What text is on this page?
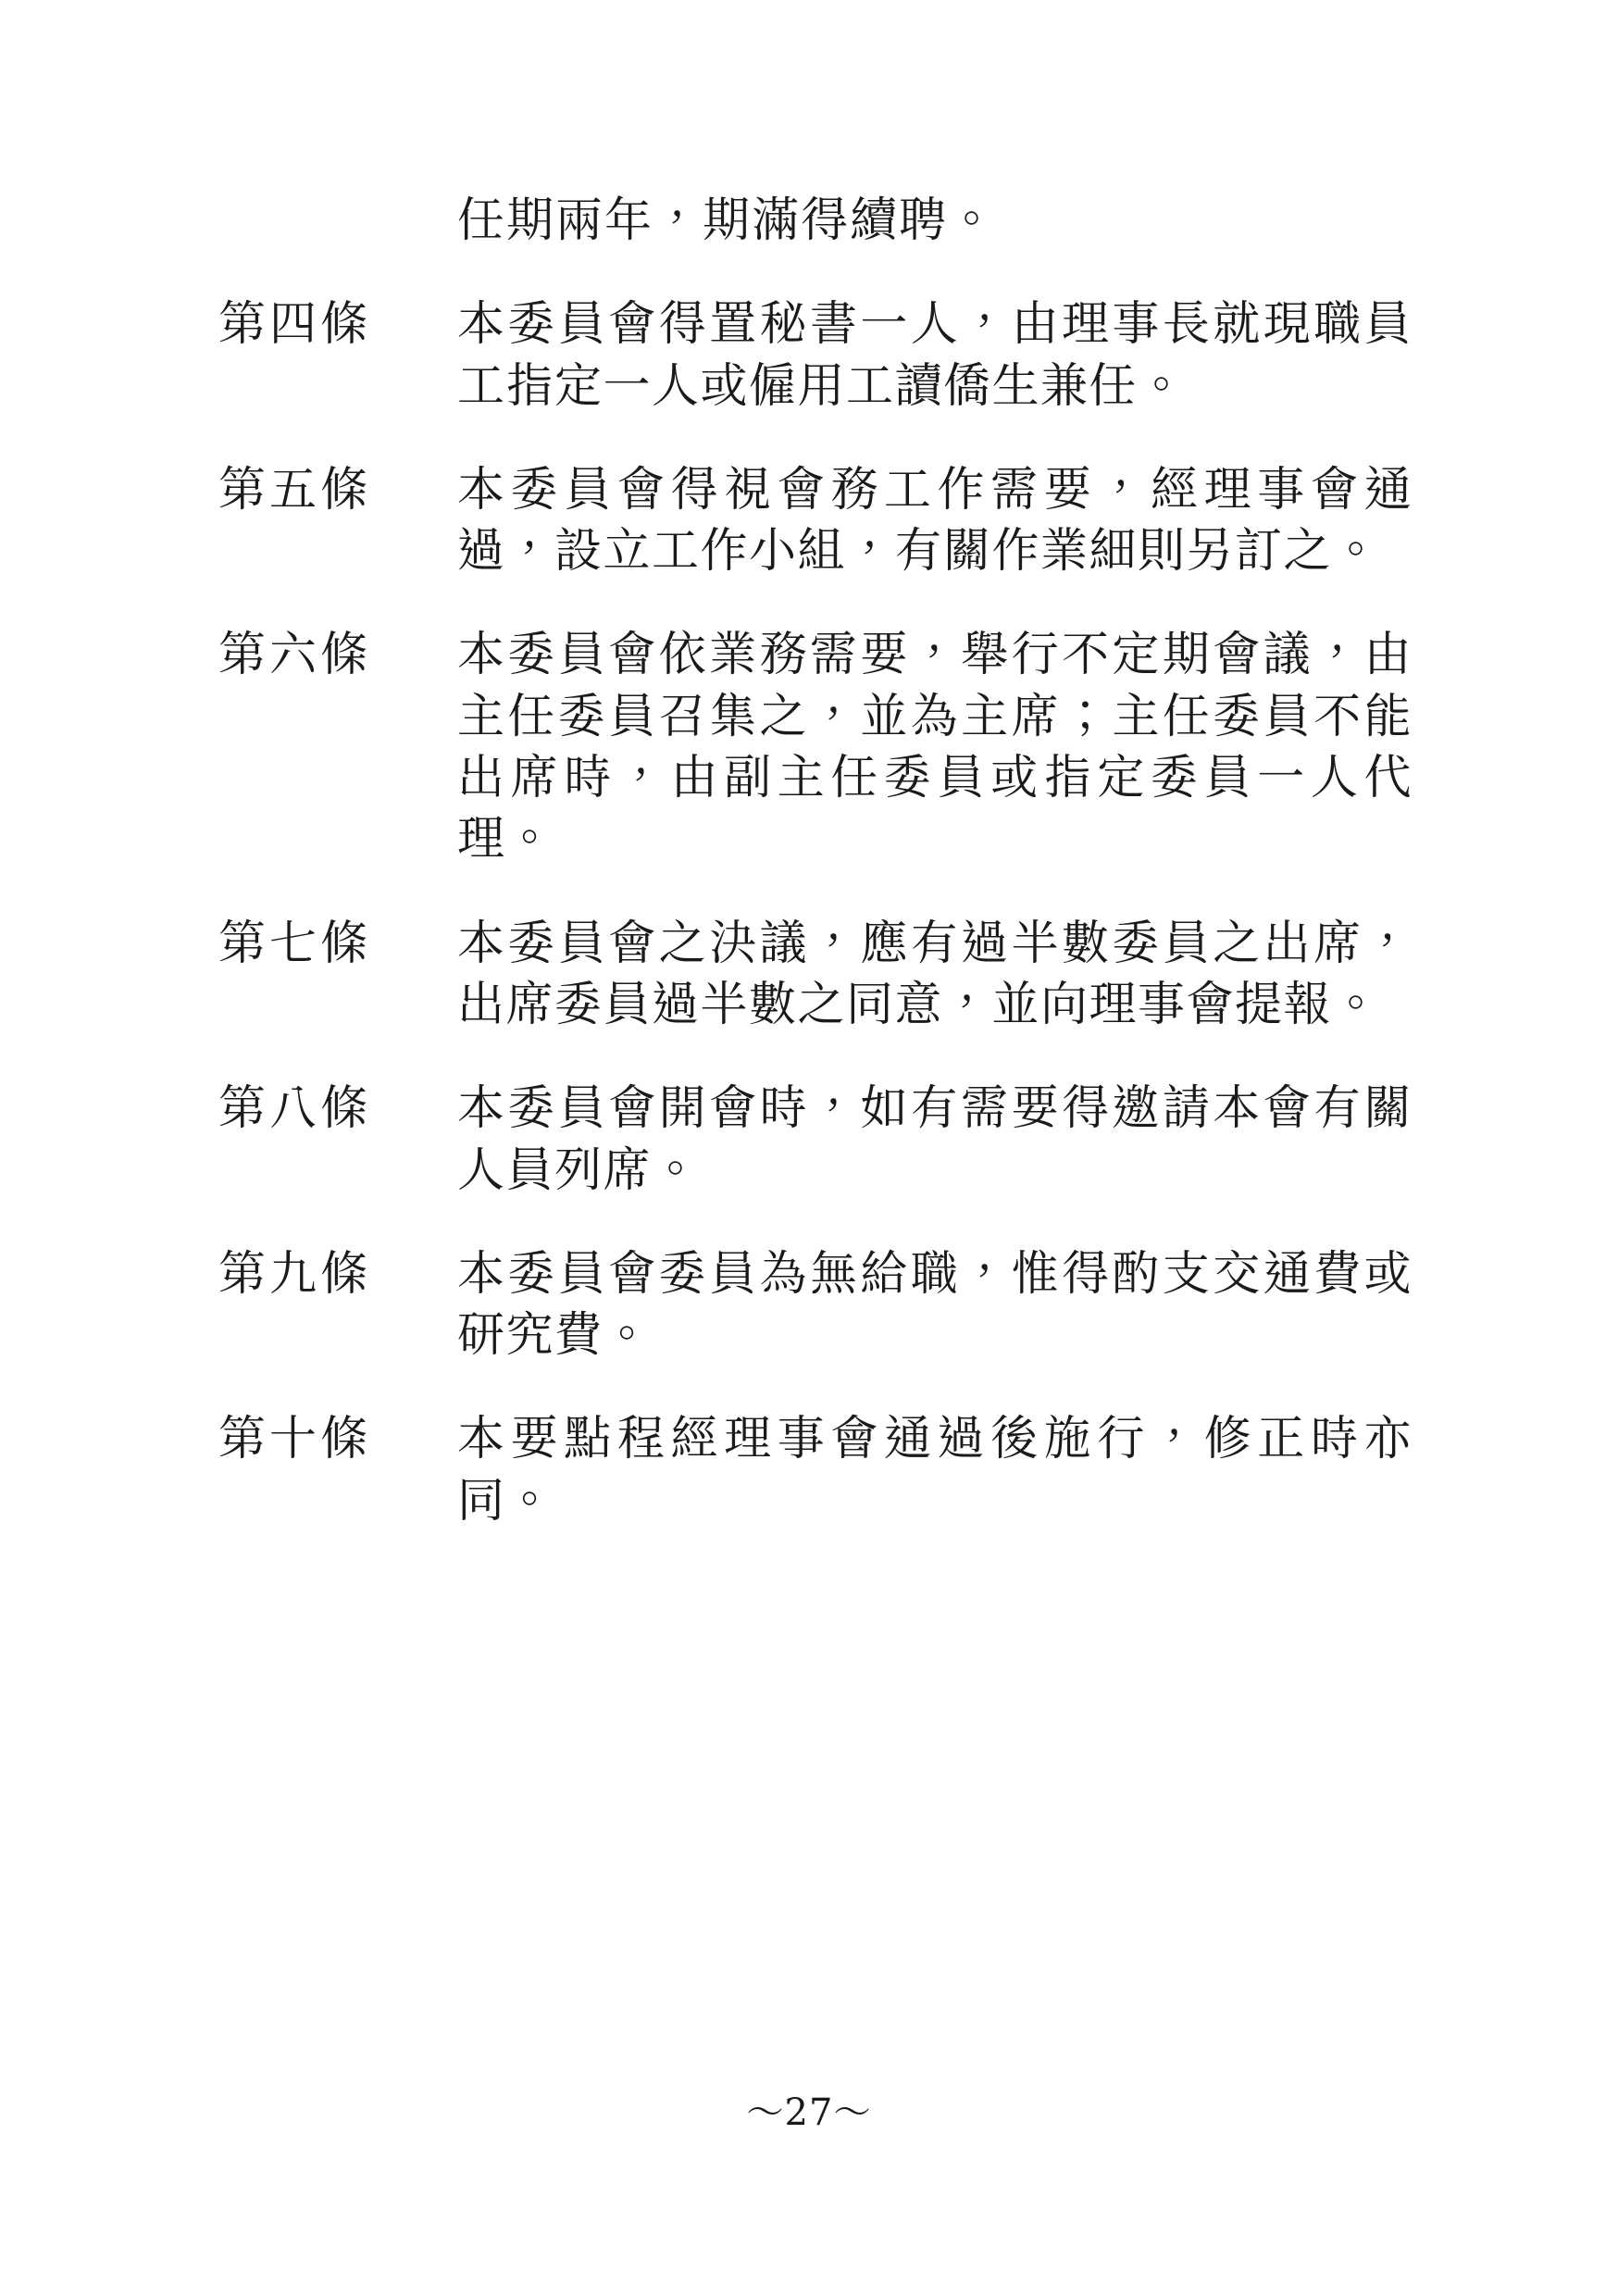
任期兩年，期滿得續聘。

第四條	本委員會得置秘書一人，由理事長就現職員工指定一人或僱用工讀僑生兼任。
第五條	本委員會得視會務工作需要，經理事會通過，設立工作小組，有關作業細則另訂之。
第六條	本委員會依業務需要，舉行不定期會議，由主任委員召集之，並為主席；主任委員不能出席時，由副主任委員或指定委員一人代理。
第七條	本委員會之決議，應有過半數委員之出席，出席委員過半數之同意，並向理事會提報。
第八條	本委員會開會時，如有需要得邀請本會有關人員列席。
第九條	本委員會委員為無給職，惟得酌支交通費或研究費。
第十條	本要點程經理事會通過後施行，修正時亦同。
～27～
